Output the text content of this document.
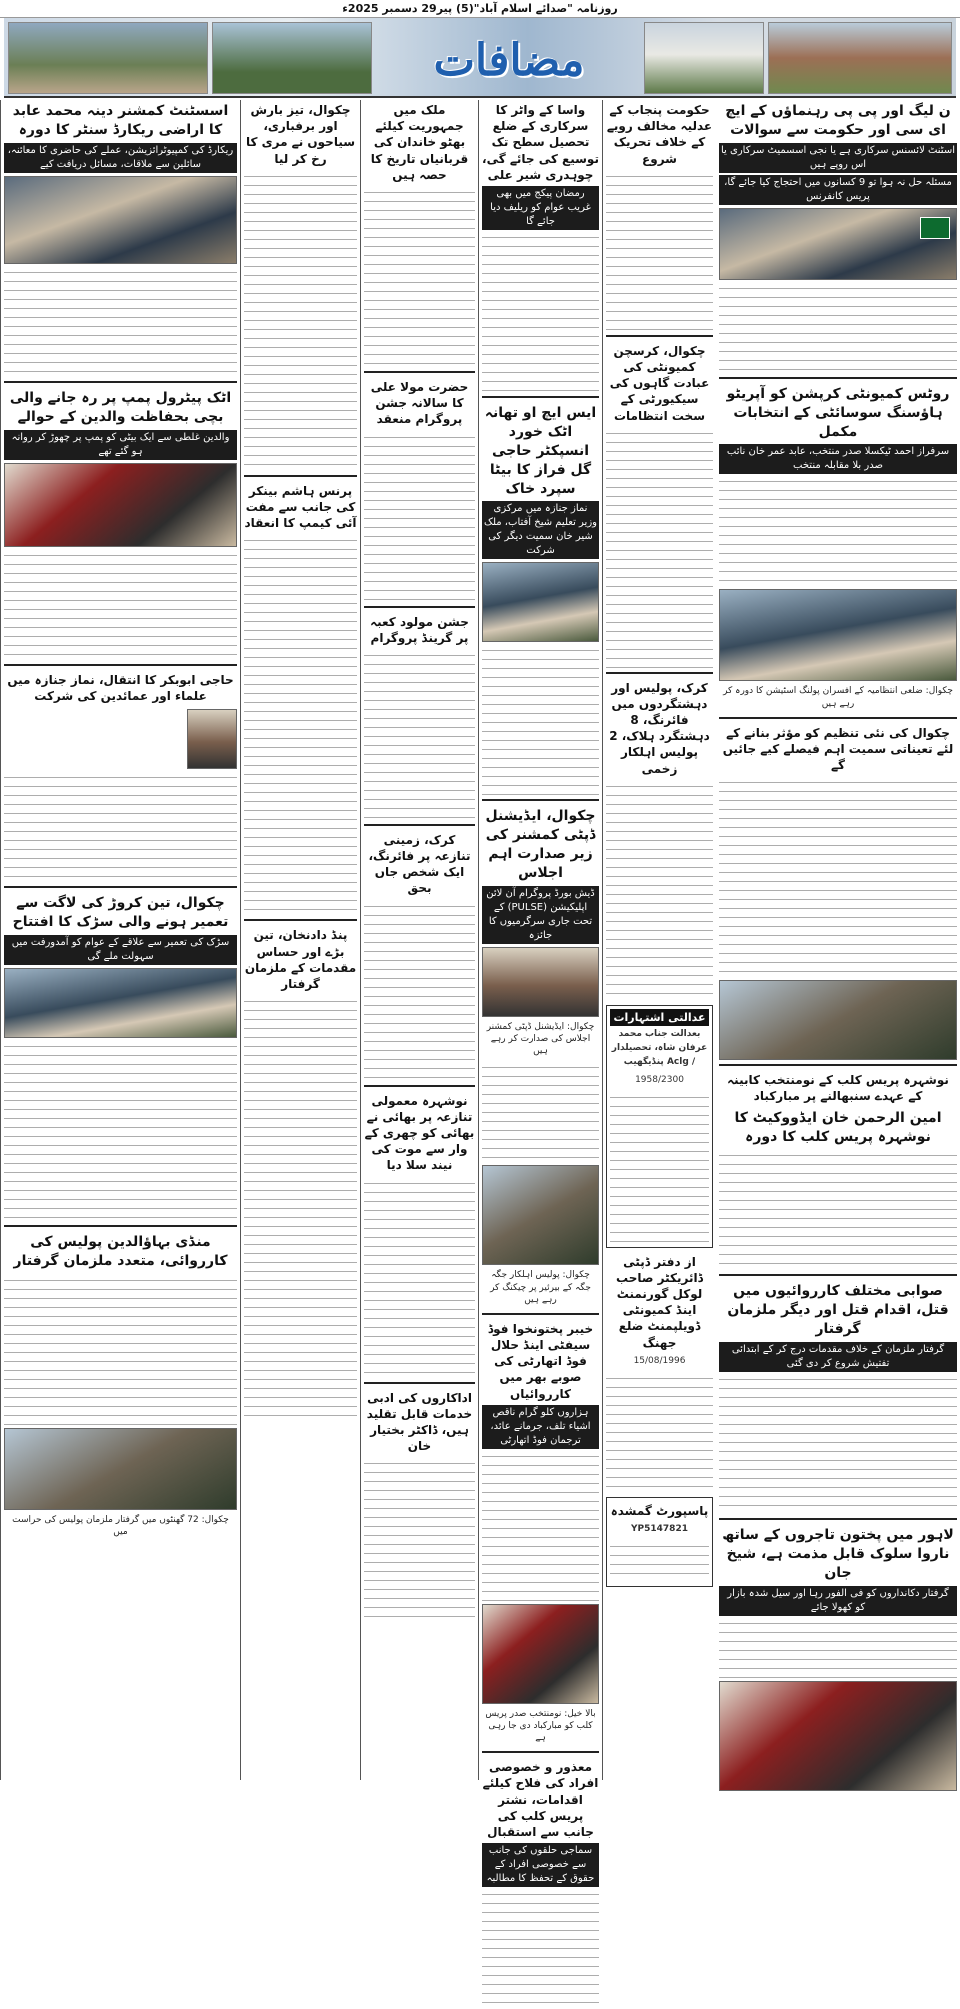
روزنامہ "صدائے اسلام آباد"(5) پیر29 دسمبر 2025ء
مضافات
ن لیگ اور پی پی رہنماؤں کے ایچ ای سی اور حکومت سے سوالات
اسٹنٹ لائسنس سرکاری ہے یا نجی اسسمیٹ سرکاری یا اس روپے ہیں
مسئلہ حل نہ ہوا تو 9 کسانوں میں احتجاج کیا جائے گا، پریس کانفرنس
روٹس کمیونٹی کرپشن کو آپریٹو ہاؤسنگ سوسائٹی کے انتخابات مکمل
سرفراز احمد ٹیکسلا صدر منتخب، عابد عمر خان نائب صدر بلا مقابلہ منتخب
چکوال: ضلعی انتظامیہ کے افسران پولنگ اسٹیشن کا دورہ کر رہے ہیں
چکوال کی نئی تنظیم کو مؤثر بنانے کے لئے تعیناتی سمیت اہم فیصلے کیے جائیں گے
نوشہرہ پریس کلب کے نومنتخب کابینہ کے عہدے سنبھالنے پر مبارکباد
امین الرحمن خان ایڈووکیٹ کا نوشہرہ پریس کلب کا دورہ
صوابی مختلف کارروائیوں میں قتل، اقدام قتل اور دیگر ملزمان گرفتار
گرفتار ملزمان کے خلاف مقدمات درج کر کے ابتدائی تفتیش شروع کر دی گئی
لاہور میں پختون تاجروں کے ساتھ ناروا سلوک قابل مذمت ہے، شیخ جان
گرفتار دکانداروں کو فی الفور رہا اور سیل شدہ بازار کو کھولا جائے
حکومت پنجاب کے عدلیہ مخالف رویے کے خلاف تحریک شروع
چکوال، کرسچن کمیونٹی کی عبادت گاہوں کی سیکیورٹی کے سخت انتظامات
کرک، پولیس اور دہشتگردوں میں فائرنگ، 8 دہشتگرد ہلاک، 2 پولیس اہلکار زخمی
عدالتی اشتہارات
بعدالت جناب محمد عرفان شاہ، تحصیلدار / Aclg پنڈیگھیب
1958/2300
از دفتر ڈپٹی ڈائریکٹر صاحب لوکل گورنمنٹ اینڈ کمیونٹی ڈویلپمنٹ ضلع جھنگ
15/08/1996
پاسپورٹ گمشدہ
YP5147821
واسا کے واٹر کا سرکاری کے ضلع تحصیل سطح تک توسیع کی جائے گی، چوہدری شیر علی
رمضان پیکج میں بھی غریب عوام کو ریلیف دیا جائے گا
ایس ایچ او تھانہ اٹک خورد انسپکٹر حاجی گل فراز کا بیٹا سپرد خاک
نماز جنازہ میں مرکزی وزیر تعلیم شیخ آفتاب، ملک شیر خان سمیت دیگر کی شرکت
چکوال، ایڈیشنل ڈپٹی کمشنر کی زیر صدارت اہم اجلاس
ڈیش بورڈ پروگرام آن لائن اپلیکیشن (PULSE) کے تحت جاری سرگرمیوں کا جائزہ
چکوال: ایڈیشنل ڈپٹی کمشنر اجلاس کی صدارت کر رہے ہیں
چکوال: پولیس اہلکار جگہ جگہ کے بیرئیر پر چیکنگ کر رہے ہیں
خیبر پختونخوا فوڈ سیفٹی اینڈ حلال فوڈ اتھارٹی کی صوبے بھر میں کارروائیاں
ہزاروں کلو گرام ناقص اشیاء تلف، جرمانے عائد، ترجمان فوڈ اتھارٹی
بالا خیل: نومنتخب صدر پریس کلب کو مبارکباد دی جا رہی ہے
معذور و خصوصی افراد کی فلاح کیلئے اقدامات، نشتر پریس کلب کی جانب سے استقبال
سماجی حلقوں کی جانب سے خصوصی افراد کے حقوق کے تحفظ کا مطالبہ
ملک میں جمہوریت کیلئے بھٹو خاندان کی قربانیاں تاریخ کا حصہ ہیں
حضرت مولا علی کا سالانہ جشن پروگرام منعقد
جشن مولود کعبہ پر گرینڈ پروگرام
کرک، زمینی تنازعہ پر فائرنگ، ایک شخص جاں بحق
نوشہرہ معمولی تنازعہ پر بھائی نے بھائی کو چھری کے وار سے موت کی نیند سلا دیا
اداکاروں کی ادبی خدمات قابل تقلید ہیں، ڈاکٹر بختیار خان
چکوال، تیز بارش اور برفباری، سیاحوں نے مری کا رخ کر لیا
پرنس ہاشم بینکر کی جانب سے مفت آئی کیمپ کا انعقاد
پنڈ دادنخان، تین بڑے اور حساس مقدمات کے ملزمان گرفتار
اسسٹنٹ کمشنر دینہ محمد عابد کا اراضی ریکارڈ سنٹر کا دورہ
ریکارڈ کی کمپیوٹرائزیشن، عملے کی حاضری کا معائنہ، سائلین سے ملاقات، مسائل دریافت کیے
اٹک پیٹرول پمپ پر رہ جانے والی بچی بحفاظت والدین کے حوالے
والدین غلطی سے ایک بیٹی کو پمپ پر چھوڑ کر روانہ ہو گئے تھے
حاجی ابوبکر کا انتقال، نماز جنازہ میں علماء اور عمائدین کی شرکت
چکوال، تین کروڑ کی لاگت سے تعمیر ہونے والی سڑک کا افتتاح
سڑک کی تعمیر سے علاقے کے عوام کو آمدورفت میں سہولت ملے گی
منڈی بہاؤالدین پولیس کی کارروائی، متعدد ملزمان گرفتار
چکوال: 72 گھنٹوں میں گرفتار ملزمان پولیس کی حراست میں
